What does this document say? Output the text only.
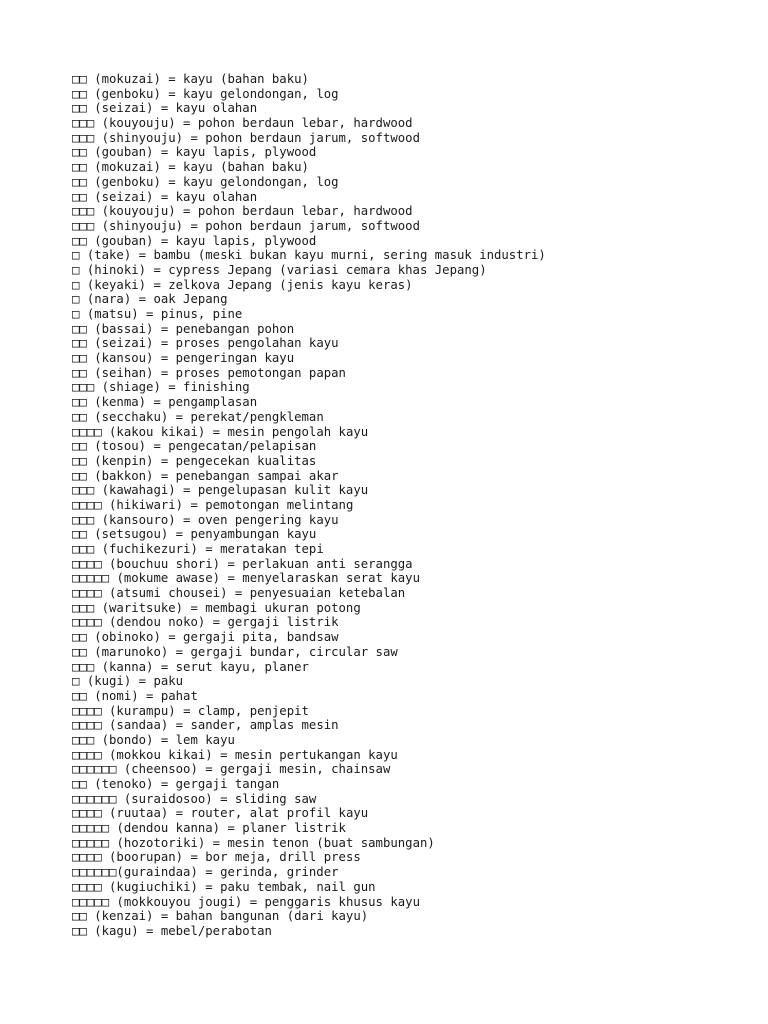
□□ (mokuzai) = kayu (bahan baku)
□□ (genboku) = kayu gelondongan, log
□□ (seizai) = kayu olahan
□□□ (kouyouju) = pohon berdaun lebar, hardwood
□□□ (shinyouju) = pohon berdaun jarum, softwood
□□ (gouban) = kayu lapis, plywood
□□ (mokuzai) = kayu (bahan baku)
□□ (genboku) = kayu gelondongan, log
□□ (seizai) = kayu olahan
□□□ (kouyouju) = pohon berdaun lebar, hardwood
□□□ (shinyouju) = pohon berdaun jarum, softwood
□□ (gouban) = kayu lapis, plywood
□ (take) = bambu (meski bukan kayu murni, sering masuk industri)
□ (hinoki) = cypress Jepang (variasi cemara khas Jepang)
□ (keyaki) = zelkova Jepang (jenis kayu keras)
□ (nara) = oak Jepang
□ (matsu) = pinus, pine
□□ (bassai) = penebangan pohon
□□ (seizai) = proses pengolahan kayu
□□ (kansou) = pengeringan kayu
□□ (seihan) = proses pemotongan papan
□□□ (shiage) = finishing
□□ (kenma) = pengamplasan
□□ (secchaku) = perekat/pengkleman
□□□□ (kakou kikai) = mesin pengolah kayu
□□ (tosou) = pengecatan/pelapisan
□□ (kenpin) = pengecekan kualitas
□□ (bakkon) = penebangan sampai akar
□□□ (kawahagi) = pengelupasan kulit kayu
□□□□ (hikiwari) = pemotongan melintang
□□□ (kansouro) = oven pengering kayu
□□ (setsugou) = penyambungan kayu
□□□ (fuchikezuri) = meratakan tepi
□□□□ (bouchuu shori) = perlakuan anti serangga
□□□□□ (mokume awase) = menyelaraskan serat kayu
□□□□ (atsumi chousei) = penyesuaian ketebalan
□□□ (waritsuke) = membagi ukuran potong
□□□□ (dendou noko) = gergaji listrik
□□ (obinoko) = gergaji pita, bandsaw
□□ (marunoko) = gergaji bundar, circular saw
□□□ (kanna) = serut kayu, planer
□ (kugi) = paku
□□ (nomi) = pahat
□□□□ (kurampu) = clamp, penjepit
□□□□ (sandaa) = sander, amplas mesin
□□□ (bondo) = lem kayu
□□□□ (mokkou kikai) = mesin pertukangan kayu
□□□□□□ (cheensoo) = gergaji mesin, chainsaw
□□ (tenoko) = gergaji tangan
□□□□□□ (suraidosoo) = sliding saw
□□□□ (ruutaa) = router, alat profil kayu
□□□□□ (dendou kanna) = planer listrik
□□□□□ (hozotoriki) = mesin tenon (buat sambungan)
□□□□ (boorupan) = bor meja, drill press
□□□□□□(guraindaa) = gerinda, grinder
□□□□ (kugiuchiki) = paku tembak, nail gun
□□□□□ (mokkouyou jougi) = penggaris khusus kayu
□□ (kenzai) = bahan bangunan (dari kayu)
□□ (kagu) = mebel/perabotan
